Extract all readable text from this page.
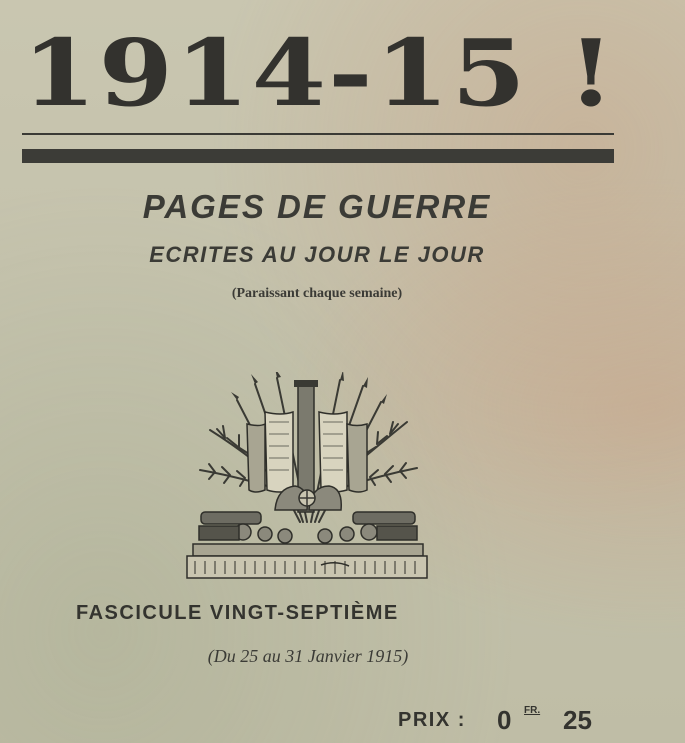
1914-15 !
PAGES DE GUERRE
ECRITES AU JOUR LE JOUR
(Paraissant chaque semaine)
FASCICULE VINGT-SEPTIÈME
(Du 25 au 31 Janvier 1915)
PRIX : 0 FR. 25
